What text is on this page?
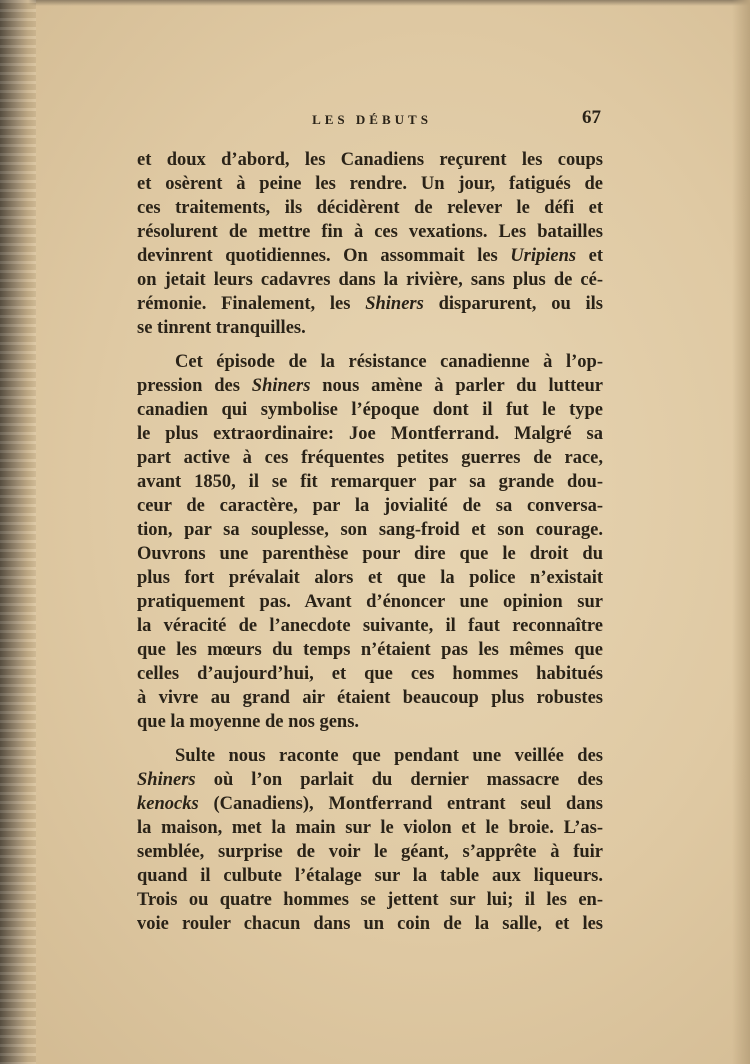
LES DÉBUTS	67
et doux d’abord, les Canadiens reçurent les coups
et osèrent à peine les rendre. Un jour, fatigués de
ces traitements, ils décidèrent de relever le défi et
résolurent de mettre fin à ces vexations. Les batailles
devinrent quotidiennes. On assommait les Uripiens et
on jetait leurs cadavres dans la rivière, sans plus de cé-
rémonie. Finalement, les Shiners disparurent, ou ils
se tinrent tranquilles.
Cet épisode de la résistance canadienne à l’op-
pression des Shiners nous amène à parler du lutteur
canadien qui symbolise l’époque dont il fut le type
le plus extraordinaire: Joe Montferrand. Malgré sa
part active à ces fréquentes petites guerres de race,
avant 1850, il se fit remarquer par sa grande dou-
ceur de caractère, par la jovialité de sa conversa-
tion, par sa souplesse, son sang-froid et son courage.
Ouvrons une parenthèse pour dire que le droit du
plus fort prévalait alors et que la police n’existait
pratiquement pas. Avant d’énoncer une opinion sur
la véracité de l’anecdote suivante, il faut reconnaître
que les mœurs du temps n’étaient pas les mêmes que
celles d’aujourd’hui, et que ces hommes habitués
à vivre au grand air étaient beaucoup plus robustes
que la moyenne de nos gens.
Sulte nous raconte que pendant une veillée des
Shiners où l’on parlait du dernier massacre des
kenocks (Canadiens), Montferrand entrant seul dans
la maison, met la main sur le violon et le broie. L’as-
semblée, surprise de voir le géant, s’apprête à fuir
quand il culbute l’étalage sur la table aux liqueurs.
Trois ou quatre hommes se jettent sur lui; il les en-
voie rouler chacun dans un coin de la salle, et les
